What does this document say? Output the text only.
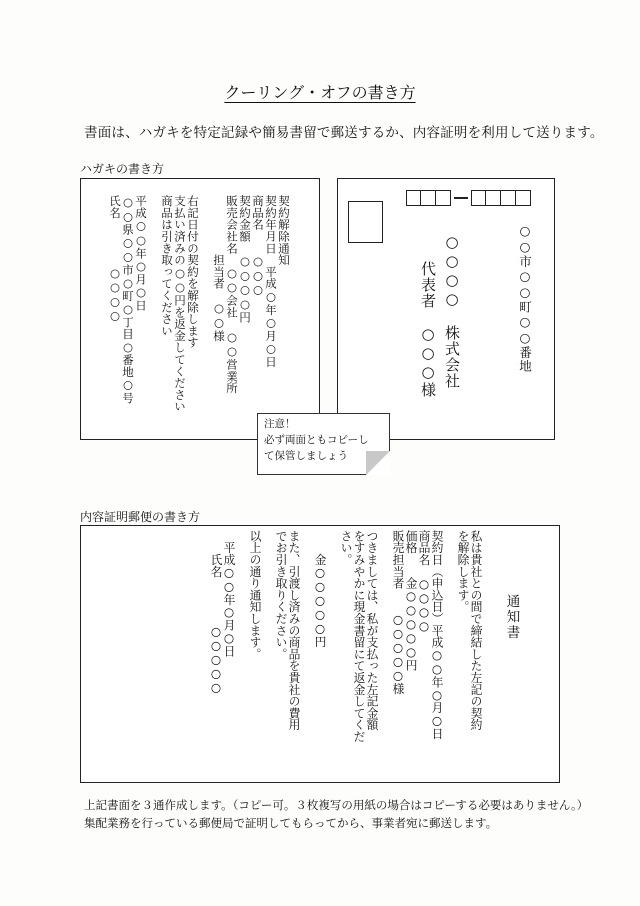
クーリング・オフの書き方
書面は、ハガキを特定記録や簡易書留で郵送するか、内容証明を利用して送ります。
ハガキの書き方
契約解除通知
契約年月日　平成○年○月○日
商品名　　○○○
契約金額　○○○○円
販売会社名　○○会社　○○営業所
　　　　　担当者　○○様
右記日付の契約を解除します
支払い済みの○○円を返金してください
商品は引き取ってください
平成○○年○月○日
○○県○○市○町○丁目○番地○号
氏名　　　　○○○○	○○市○○町○○番地
○○○○　株式会社
代表者　○○○様
注意！
必ず両面ともコピーし
て保管しましょう
内容証明郵便の書き方
通知書
私は貴社との間で締結した左記の契約
を解除します。
契約日（申込日）平成○○年○月○日
商品名　○○○○
価格　　金○○○○○円
販売担当者　　○○○○○様
つきましては、私が支払った左記金額
をすみやかに現金書留にて返金してくだ
さい。
　　金○○○○○円
また、引渡し済みの商品を貴社の費用
でお引き取りください。
以上の通り通知します。
　平成○○年○月○日
　　氏名　　　　○○○○○
上記書面を３通作成します。（コピー可。３枚複写の用紙の場合はコピーする必要はありません。）
集配業務を行っている郵便局で証明してもらってから、事業者宛に郵送します。
